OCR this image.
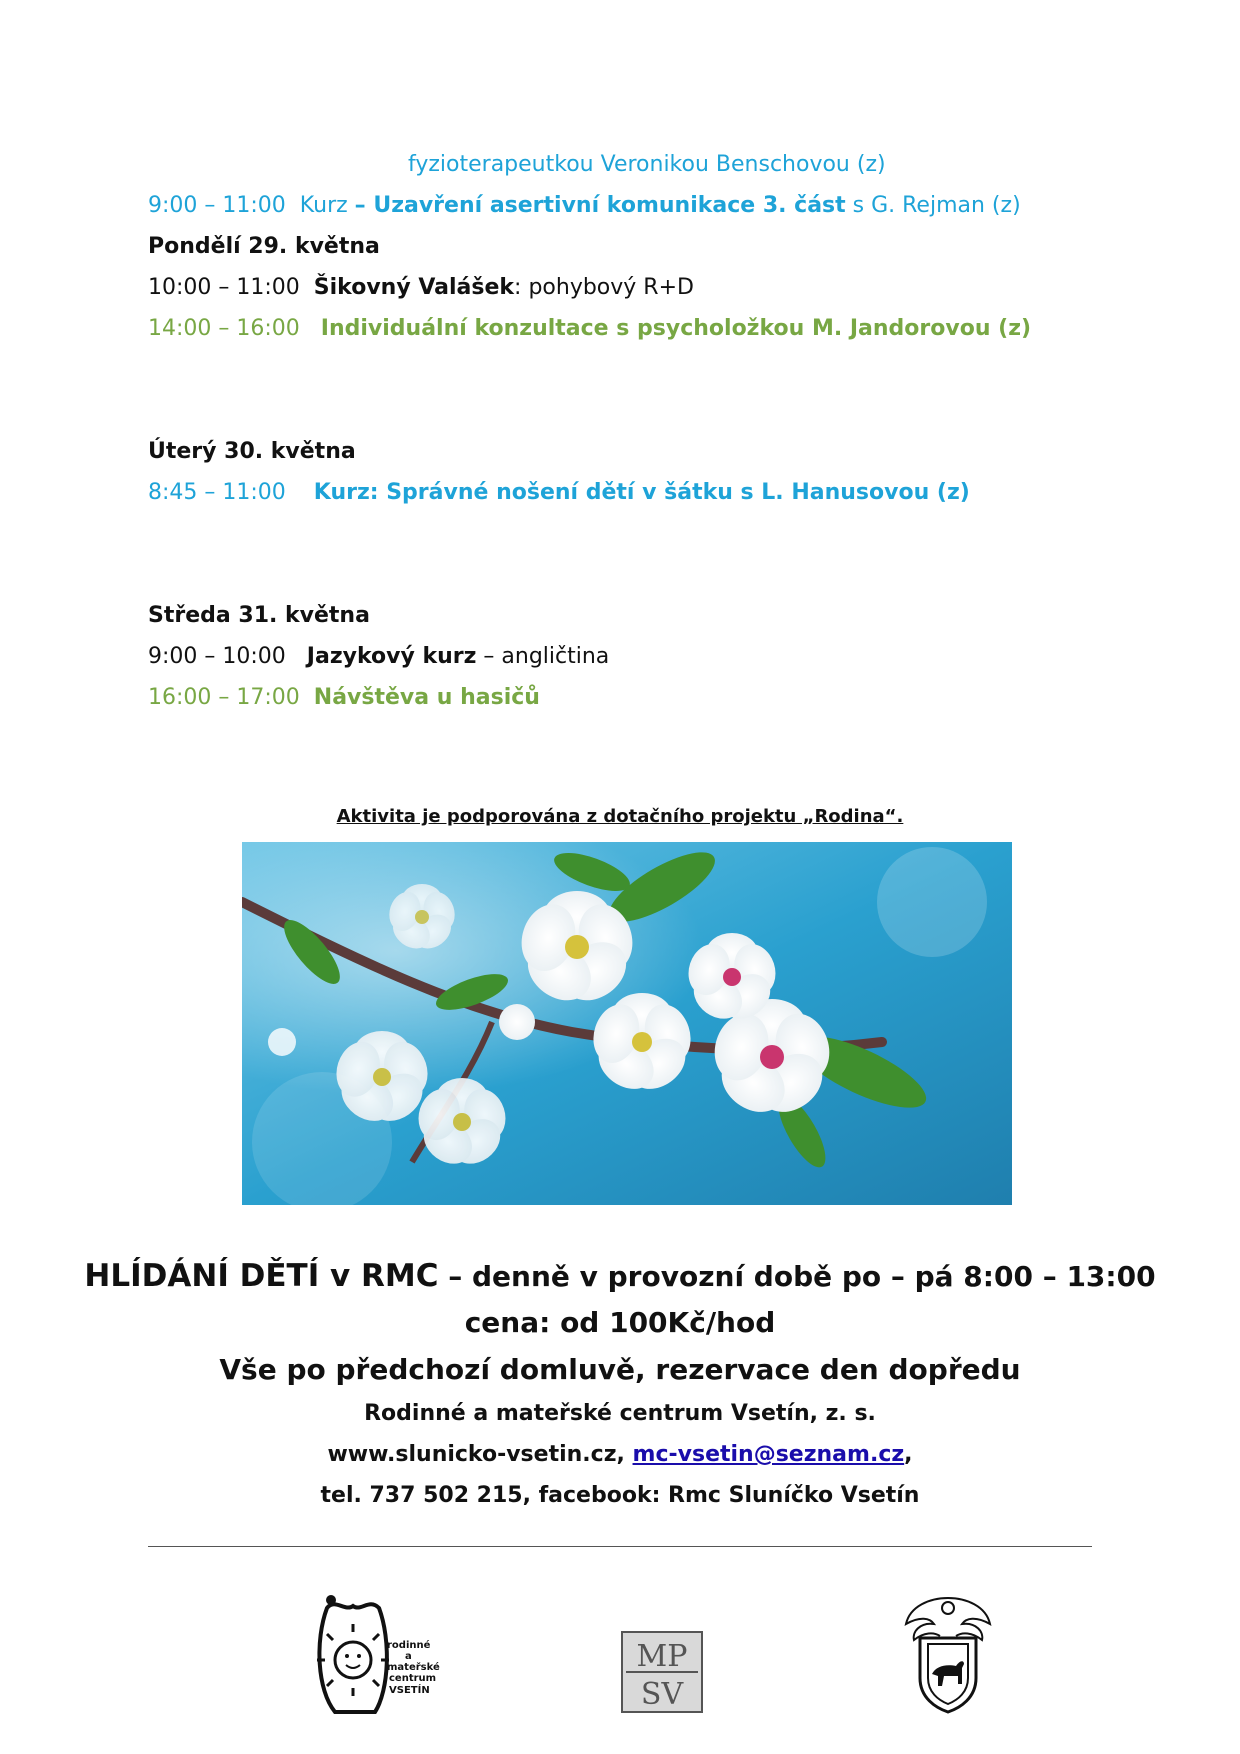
fyzioterapeutkou Veronikou Benschovou (z)
9:00 – 11:00 Kurz – Uzavření asertivní komunikace 3. část s G. Rejman (z)
Pondělí 29. května
10:00 – 11:00 Šikovný Valášek: pohybový R+D
14:00 – 16:00 Individuální konzultace s psycholožkou M. Jandorovou (z)
Úterý 30. května
8:45 – 11:00 Kurz: Správné nošení dětí v šátku s L. Hanusovou (z)
Středa 31. května
9:00 – 10:00 Jazykový kurz – angličtina
16:00 – 17:00 Návštěva u hasičů
Aktivita je podporována z dotačního projektu „Rodina“.
HLÍDÁNÍ DĚTÍ v RMC – denně v provozní době po – pá 8:00 – 13:00
cena: od 100Kč/hod
Vše po předchozí domluvě, rezervace den dopředu
Rodinné a mateřské centrum Vsetín, z. s.
www.slunicko-vsetin.cz, mc-vsetin@seznam.cz,
tel. 737 502 215, facebook: Rmc Sluníčko Vsetín
rodinné
a
mateřské
centrum
VSETÍN
MP
SV
